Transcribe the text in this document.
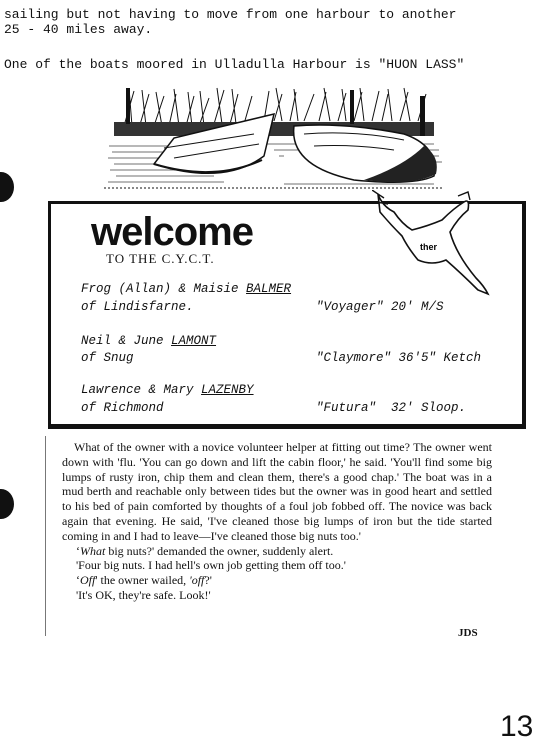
sailing but not having to move from one harbour to another
25 - 40 miles away.
One of the boats moored in Ulladulla Harbour is "HUON LASS"
welcome
TO THE C.Y.C.T.
Frog (Allan) & Maisie BALMER
of Lindisfarne.	"Voyager" 20' M/S
Neil & June LAMONT
of Snug	"Claymore" 36'5" Ketch
Lawrence & Mary LAZENBY
of Richmond	"Futura"  32' Sloop.
ther

What of the owner with a novice volunteer helper at fitting out time? The owner went down with 'flu. 'You can go down and lift the cabin floor,' he said. 'You'll find some big lumps of rusty iron, chip them and clean them, there's a good chap.' The boat was in a mud berth and reachable only between tides but the owner was in good heart and settled to his bed of pain comforted by thoughts of a foul job fobbed off. The novice was back again that evening. He said, 'I've cleaned those big lumps of iron but the tide started coming in and I had to leave—I've cleaned those big nuts too.'

‘What big nuts?' demanded the owner, suddenly alert.

'Four big nuts. I had hell's own job getting them off too.'

‘Off' the owner wailed, 'off?'

'It's OK, they're safe. Look!'

JDS
13
